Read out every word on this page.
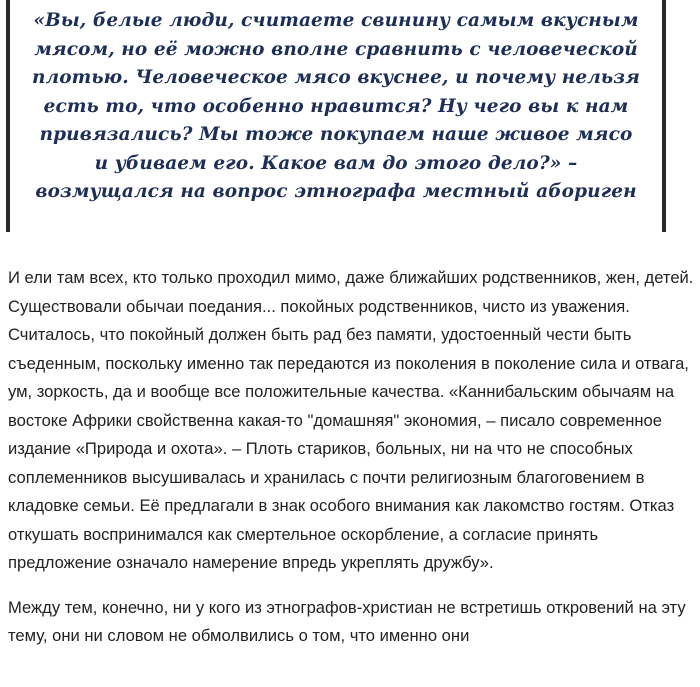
«Вы, белые люди, считаете свинину самым вкусным мясом, но её можно вполне сравнить с человеческой плотью. Человеческое мясо вкуснее, и почему нельзя есть то, что особенно нравится? Ну чего вы к нам привязались? Мы тоже покупаем наше живое мясо и убиваем его. Какое вам до этого дело?» – возмущался на вопрос этнографа местный абориген

И ели там всех, кто только проходил мимо, даже ближайших родственников, жен, детей. Существовали обычаи поедания... покойных родственников, чисто из уважения. Считалось, что покойный должен быть рад без памяти, удостоенный чести быть съеденным, поскольку именно так передаются из поколения в поколение сила и отвага, ум, зоркость, да и вообще все положительные качества. «Каннибальским обычаям на востоке Африки свойственна какая-то "домашняя" экономия, – писало современное издание «Природа и охота». – Плоть стариков, больных, ни на что не способных соплеменников высушивалась и хранилась с почти религиозным благоговением в кладовке семьи. Её предлагали в знак особого внимания как лакомство гостям. Отказ откушать воспринимался как смертельное оскорбление, а согласие принять предложение означало намерение впредь укреплять дружбу».

Между тем, конечно, ни у кого из этнографов-христиан не встретишь откровений на эту тему, они ни словом не обмолвились о том, что именно они
